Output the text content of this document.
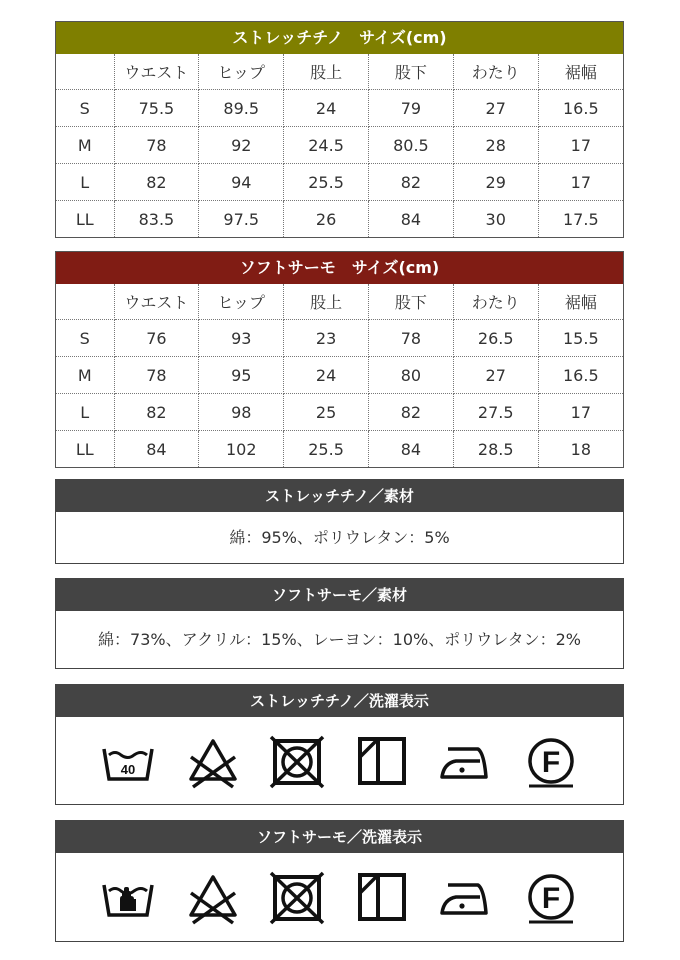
ストレッチチノ　サイズ(cm)
	ウエスト	ヒップ	股上	股下	わたり	裾幅
S	75.5	89.5	24	79	27	16.5
M	78	92	24.5	80.5	28	17
L	82	94	25.5	82	29	17
LL	83.5	97.5	26	84	30	17.5
ソフトサーモ　サイズ(cm)
	ウエスト	ヒップ	股上	股下	わたり	裾幅
S	76	93	23	78	26.5	15.5
M	78	95	24	80	27	16.5
L	82	98	25	82	27.5	17
LL	84	102	25.5	84	28.5	18
ストレッチチノ／素材
綿：95%、ポリウレタン：5%
ソフトサーモ／素材
綿：73%、アクリル：15%、レーヨン：10%、ポリウレタン：2%
ストレッチチノ／洗濯表示
40	F
ソフトサーモ／洗濯表示
F
